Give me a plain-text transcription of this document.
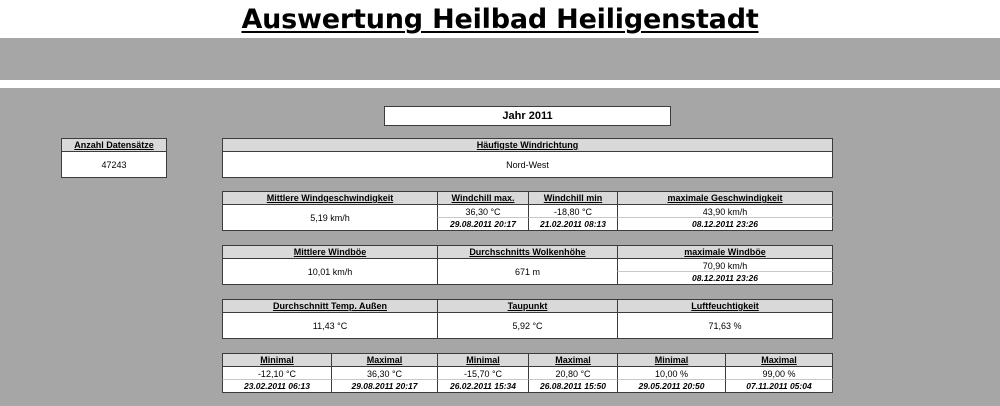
Auswertung Heilbad Heiligenstadt
Jahr 2011
Anzahl Datensätze
47243
Häufigste Windrichtung
Nord-West
Mittlere Windgeschwindigkeit
5,19 km/h
Windchill max.
36,30 °C
29.08.2011 20:17
Windchill min
-18,80 °C
21.02.2011 08:13
maximale Geschwindigkeit
43,90 km/h
08.12.2011 23:26
Mittlere Windböe
10,01 km/h
Durchschnitts Wolkenhöhe
671 m
maximale Windböe
70,90 km/h
08.12.2011 23:26
Durchschnitt Temp. Außen
11,43 °C
Taupunkt
5,92 °C
Luftfeuchtigkeit
71,63 %
Minimal
-12,10 °C
23.02.2011 06:13
Maximal
36,30 °C
29.08.2011 20:17
Minimal
-15,70 °C
26.02.2011 15:34
Maximal
20,80 °C
26.08.2011 15:50
Minimal
10,00 %
29.05.2011 20:50
Maximal
99,00 %
07.11.2011 05:04
